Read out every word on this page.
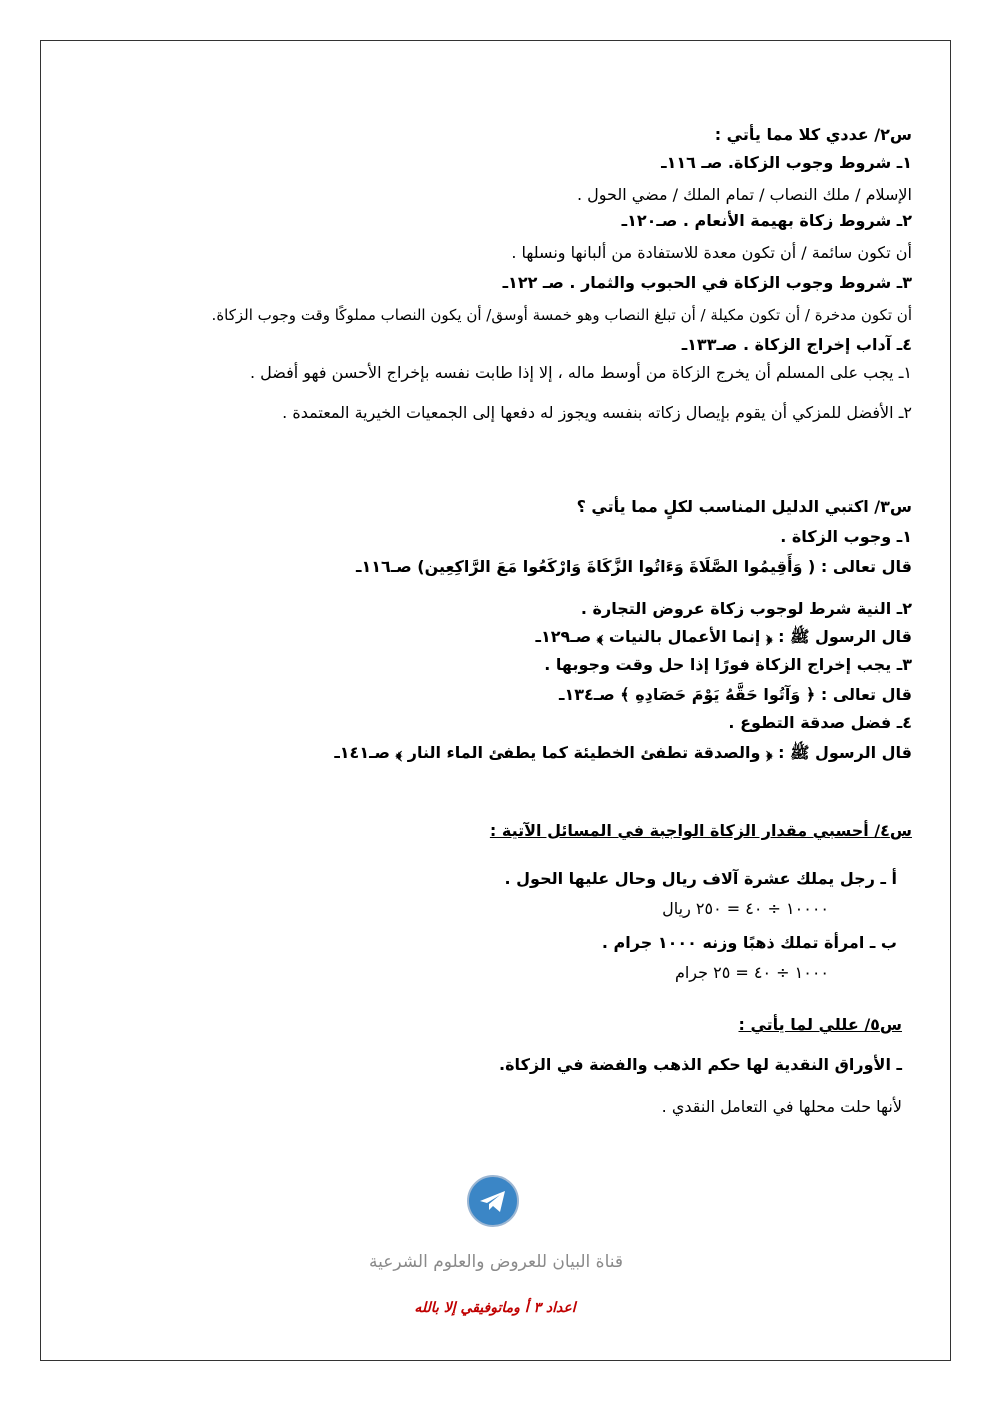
س٢/ عددي كلا مما يأتي :
١ـ شروط وجوب الزكاة. صـ ١١٦ـ
الإسلام / ملك النصاب / تمام الملك / مضي الحول .
٢ـ شروط زكاة بهيمة الأنعام . صـ١٢٠ـ
أن تكون سائمة / أن تكون معدة للاستفادة من ألبانها ونسلها .
٣ـ شروط وجوب الزكاة في الحبوب والثمار . صـ ١٢٢ـ
أن تكون مدخرة / أن تكون مكيلة / أن تبلغ النصاب وهو خمسة أوسق/ أن يكون النصاب مملوكًا وقت وجوب الزكاة.
٤ـ آداب إخراج الزكاة . صـ١٣٣ـ
١ـ يجب على المسلم أن يخرج الزكاة من أوسط ماله ، إلا إذا طابت نفسه بإخراج الأحسن فهو أفضل .
٢ـ الأفضل للمزكي أن يقوم بإيصال زكاته بنفسه ويجوز له دفعها إلى الجمعيات الخيرية المعتمدة .
س٣/ اكتبي الدليل المناسب لكلٍ مما يأتي ؟
١ـ وجوب الزكاة .
قال تعالى : ( وَأَقِيمُوا الصَّلَاةَ وَءَاتُوا الزَّكَاةَ وَارْكَعُوا مَعَ الرَّاكِعِين) صـ١١٦ـ
٢ـ النية شرط لوجوب زكاة عروض التجارة .
قال الرسول ﷺ : ﴿ إنما الأعمال بالنيات ﴾ صـ١٢٩ـ
٣ـ يجب إخراج الزكاة فورًا إذا حل وقت وجوبها .
قال تعالى : ﴿ وَآتُوا حَقَّهُ يَوْمَ حَصَادِهِ ﴾ صـ١٣٤ـ
٤ـ فضل صدقة التطوع .
قال الرسول ﷺ : ﴿ والصدقة تطفئ الخطيئة كما يطفئ الماء النار ﴾ صـ١٤١ـ
س٤/ أحسبي مقدار الزكاة الواجبة في المسائل الآتية :
أ ـ رجل يملك عشرة آلاف ريال وحال عليها الحول .
١٠٠٠٠ ÷ ٤٠ = ٢٥٠ ريال
ب ـ امرأة تملك ذهبًا وزنه ١٠٠٠ جرام .
١٠٠٠ ÷ ٤٠ = ٢٥ جرام
س٥/ عللي لما يأتي :
ـ الأوراق النقدية لها حكم الذهب والفضة في الزكاة.
لأنها حلت محلها في التعامل النقدي .
قناة البيان للعروض والعلوم الشرعية
اعداد ٣ أ وماتوفيقي إلا بالله
